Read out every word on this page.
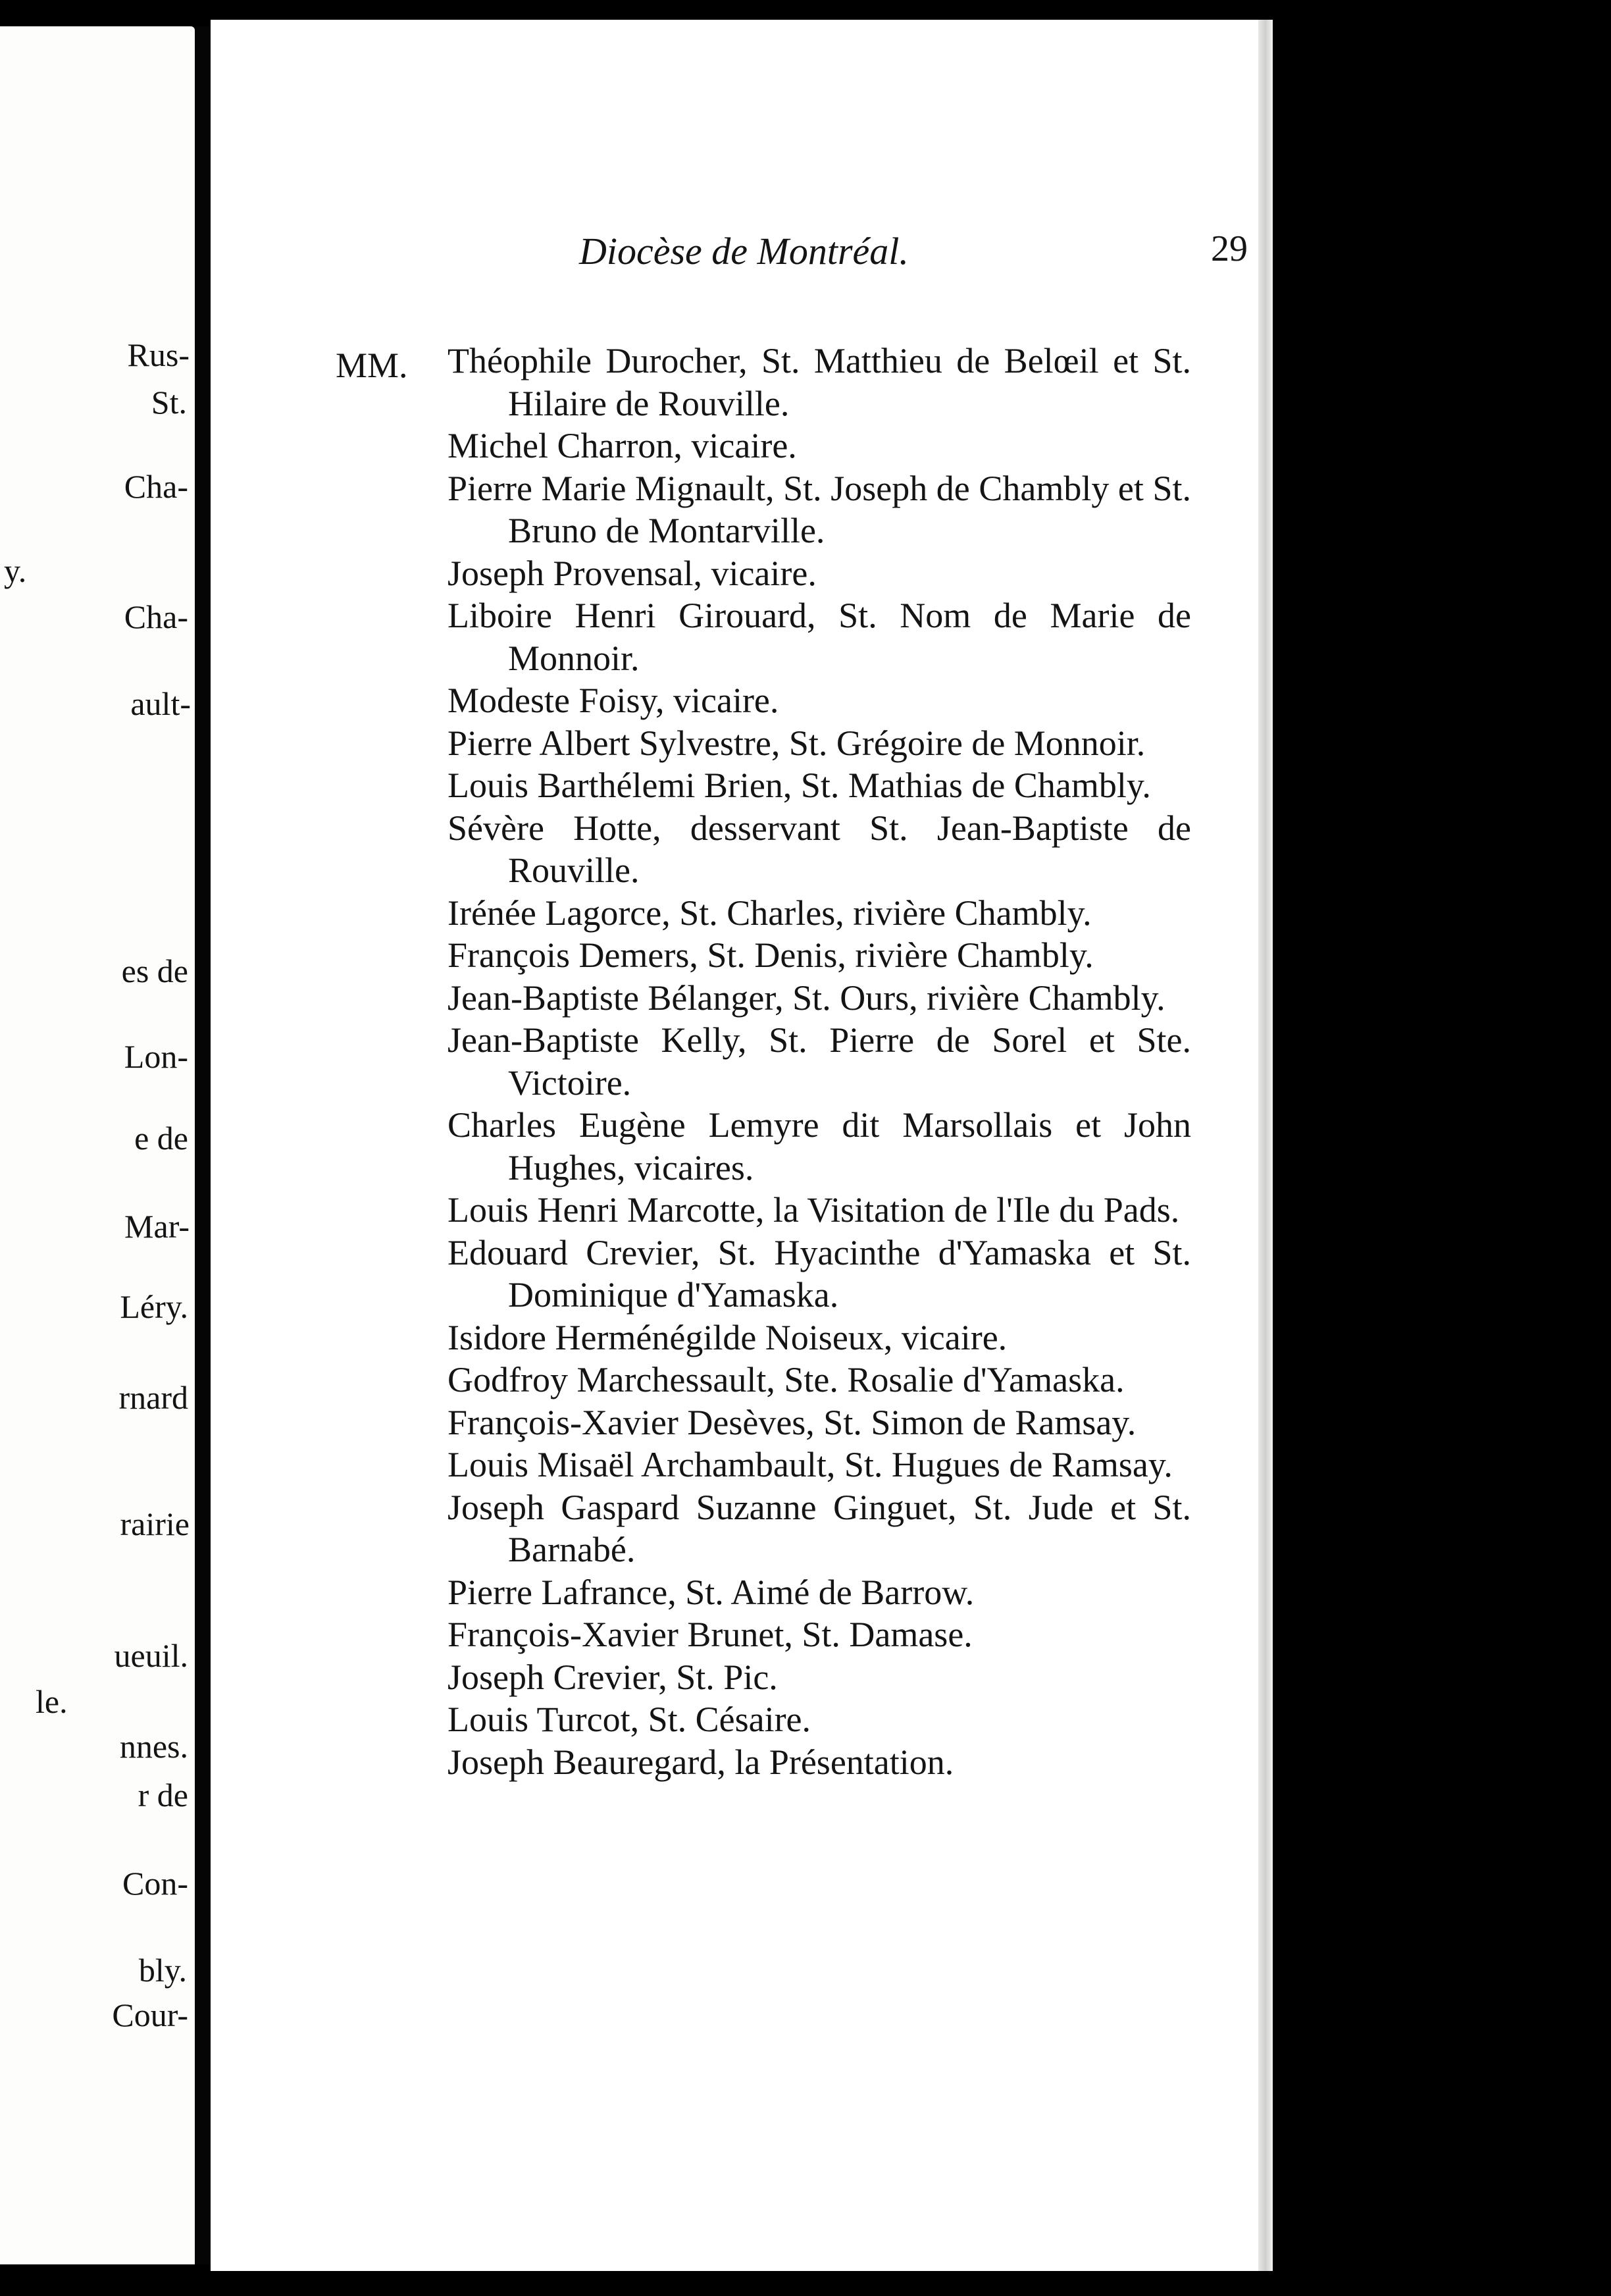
Rus-
St.
Cha-
y.
Cha-
ault-
es de
Lon-
e de
Mar-
Léry.
rnard
rairie
ueuil.
le.
nnes.
r de
Con-
bly.
Cour-
Diocèse de Montréal.	29
MM. Théophile Durocher, St. Matthieu de Belœil et St. Hilaire de Rouville.
Michel Charron, vicaire.
Pierre Marie Mignault, St. Joseph de Chambly et St. Bruno de Montarville.
Joseph Provensal, vicaire.
Liboire Henri Girouard, St. Nom de Marie de Monnoir.
Modeste Foisy, vicaire.
Pierre Albert Sylvestre, St. Grégoire de Monnoir.
Louis Barthélemi Brien, St. Mathias de Chambly.
Sévère Hotte, desservant St. Jean-Baptiste de Rouville.
Irénée Lagorce, St. Charles, rivière Chambly.
François Demers, St. Denis, rivière Chambly.
Jean-Baptiste Bélanger, St. Ours, rivière Chambly.
Jean-Baptiste Kelly, St. Pierre de Sorel et Ste. Victoire.
Charles Eugène Lemyre dit Marsollais et John Hughes, vicaires.
Louis Henri Marcotte, la Visitation de l'Ile du Pads.
Edouard Crevier, St. Hyacinthe d'Yamaska et St. Dominique d'Yamaska.
Isidore Herménégilde Noiseux, vicaire.
Godfroy Marchessault, Ste. Rosalie d'Yamaska.
François-Xavier Desèves, St. Simon de Ramsay.
Louis Misaël Archambault, St. Hugues de Ramsay.
Joseph Gaspard Suzanne Ginguet, St. Jude et St. Barnabé.
Pierre Lafrance, St. Aimé de Barrow.
François-Xavier Brunet, St. Damase.
Joseph Crevier, St. Pic.
Louis Turcot, St. Césaire.
Joseph Beauregard, la Présentation.
